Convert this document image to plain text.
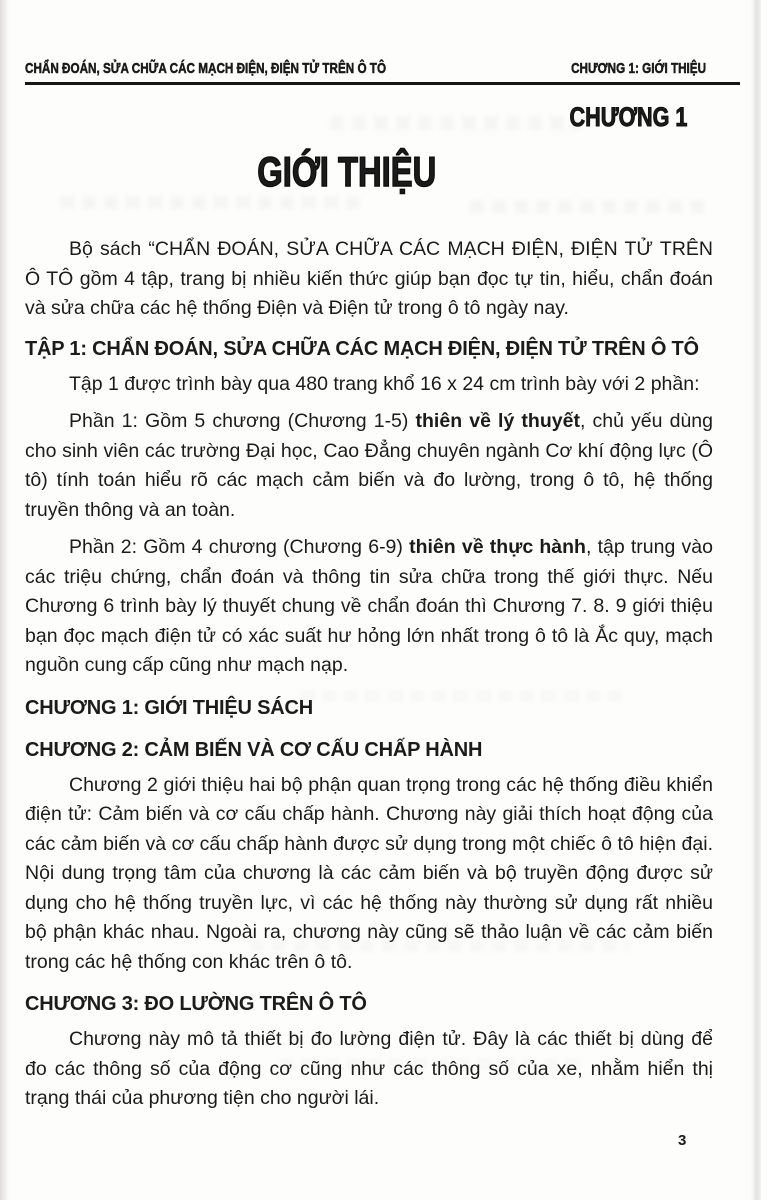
CHẨN ĐOÁN, SỬA CHỮA CÁC MẠCH ĐIỆN, ĐIỆN TỬ TRÊN Ô TÔ	CHƯƠNG 1: GIỚI THIỆU
CHƯƠNG 1
GIỚI THIỆU

Bộ sách “CHẨN ĐOÁN, SỬA CHỮA CÁC MẠCH ĐIỆN, ĐIỆN TỬ TRÊN Ô TÔ gồm 4 tập, trang bị nhiều kiến thức giúp bạn đọc tự tin, hiểu, chẩn đoán và sửa chữa các hệ thống Điện và Điện tử trong ô tô ngày nay.

TẬP 1: CHẨN ĐOÁN, SỬA CHỮA CÁC MẠCH ĐIỆN, ĐIỆN TỬ TRÊN Ô TÔ

Tập 1 được trình bày qua 480 trang khổ 16 x 24 cm trình bày với 2 phần:

Phần 1: Gồm 5 chương (Chương 1-5) thiên về lý thuyết, chủ yếu dùng cho sinh viên các trường Đại học, Cao Đẳng chuyên ngành Cơ khí động lực (Ô tô) tính toán hiểu rõ các mạch cảm biến và đo lường, trong ô tô, hệ thống truyền thông và an toàn.

Phần 2: Gồm 4 chương (Chương 6-9) thiên về thực hành, tập trung vào các triệu chứng, chẩn đoán và thông tin sửa chữa trong thế giới thực. Nếu Chương 6 trình bày lý thuyết chung về chẩn đoán thì Chương 7. 8. 9 giới thiệu bạn đọc mạch điện tử có xác suất hư hỏng lớn nhất trong ô tô là Ắc quy, mạch nguồn cung cấp cũng như mạch nạp.

CHƯƠNG 1: GIỚI THIỆU SÁCH
CHƯƠNG 2: CẢM BIẾN VÀ CƠ CẤU CHẤP HÀNH

Chương 2 giới thiệu hai bộ phận quan trọng trong các hệ thống điều khiển điện tử: Cảm biến và cơ cấu chấp hành. Chương này giải thích hoạt động của các cảm biến và cơ cấu chấp hành được sử dụng trong một chiếc ô tô hiện đại. Nội dung trọng tâm của chương là các cảm biến và bộ truyền động được sử dụng cho hệ thống truyền lực, vì các hệ thống này thường sử dụng rất nhiều bộ phận khác nhau. Ngoài ra, chương này cũng sẽ thảo luận về các cảm biến trong các hệ thống con khác trên ô tô.

CHƯƠNG 3: ĐO LƯỜNG TRÊN Ô TÔ

Chương này mô tả thiết bị đo lường điện tử. Đây là các thiết bị dùng để đo các thông số của động cơ cũng như các thông số của xe, nhằm hiển thị trạng thái của phương tiện cho người lái.

3
